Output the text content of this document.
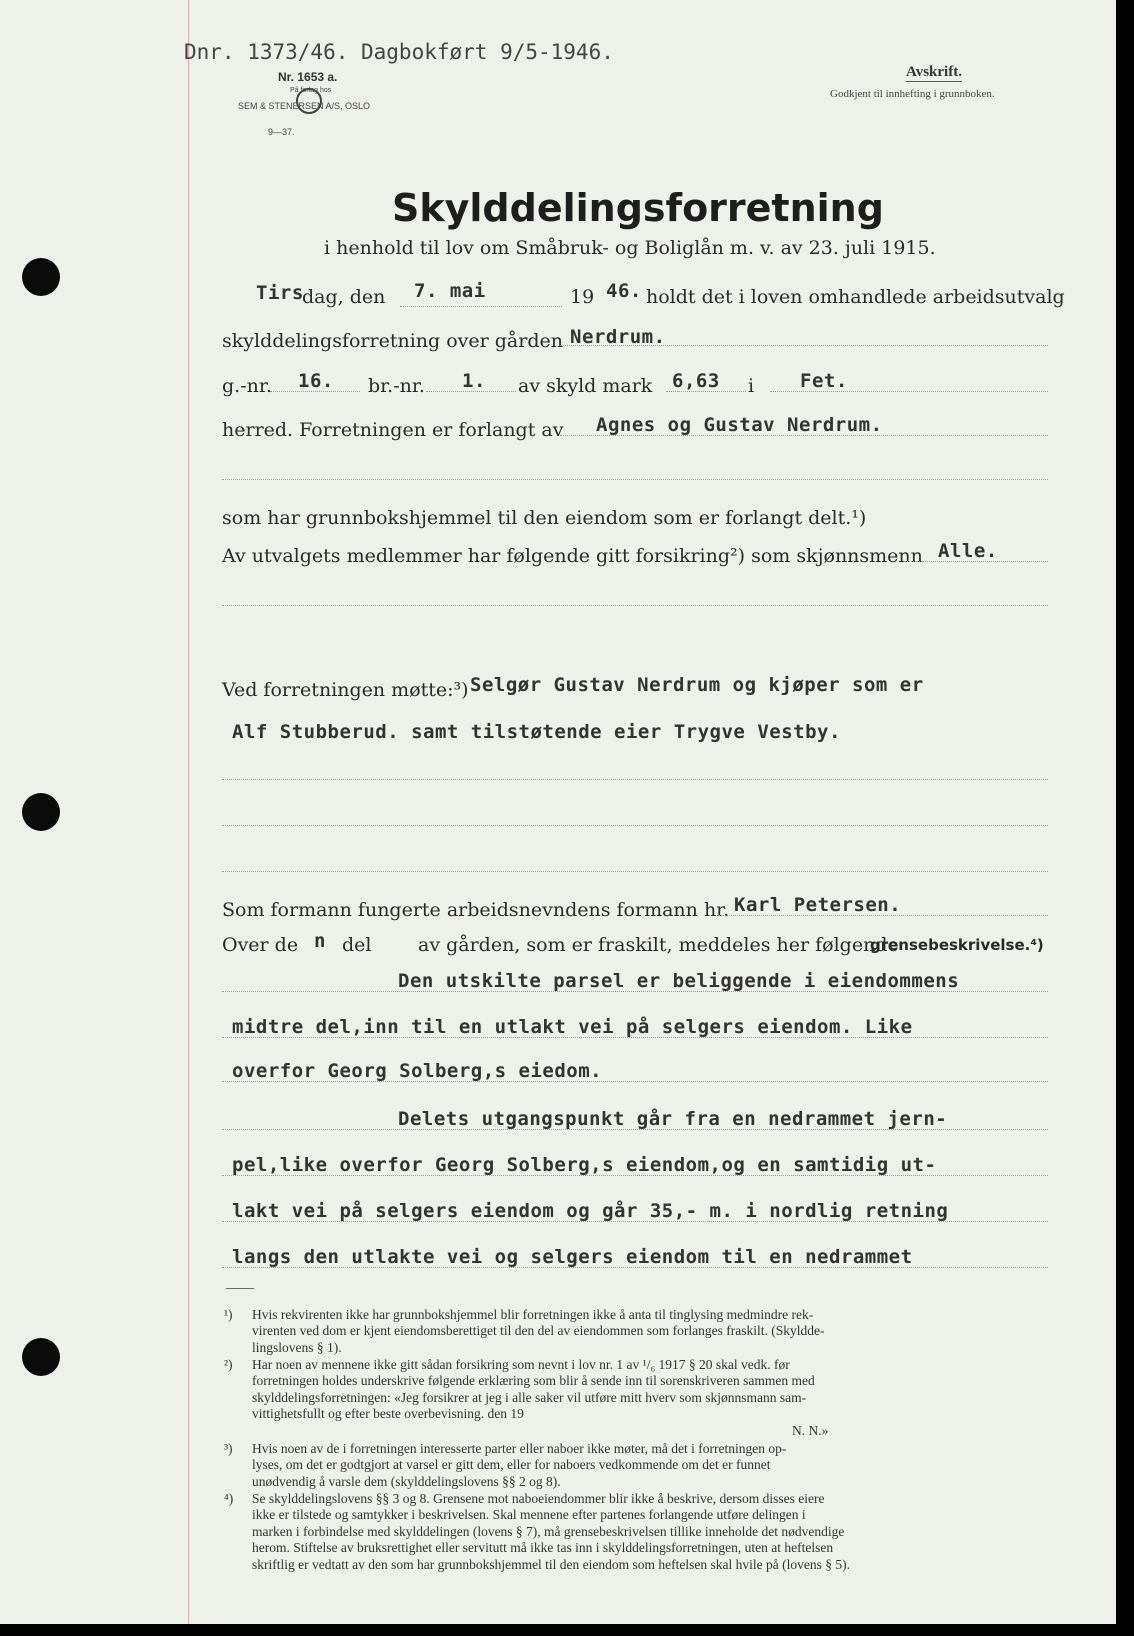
Dnr. 1373/46. Dagbokført 9/5-1946.
Nr. 1653 a.
På forlag hos
SEM & STENERSEN A/S, OSLO
9—37.
Avskrift.
Godkjent til innhefting i grunnboken.
Skylddelingsforretning
i henhold til lov om Småbruk- og Boliglån m. v. av 23. juli 1915.
Tirs
dag, den 7. mai	19 46. holdt det i loven omhandlede arbeidsutvalg
skylddelingsforretning over gården Nerdrum.
g.-nr. 16. br.-nr. 1. av skyld mark 6,63 i Fet.
herred. Forretningen er forlangt av Agnes og Gustav Nerdrum.
som har grunnbokshjemmel til den eiendom som er forlangt delt.¹)
Av utvalgets medlemmer har følgende gitt forsikring²) som skjønnsmenn Alle.
Ved forretningen møtte:³) Selgør Gustav Nerdrum og kjøper som er
Alf Stubberud. samt tilstøtende eier Trygve Vestby.
Som formann fungerte arbeidsnevndens formann hr. Karl Petersen.
Over de n del av gården, som er fraskilt, meddeles her følgende
grensebeskrivelse.⁴)
Den utskilte parsel er beliggende i eiendommens
midtre del,inn til en utlakt vei på selgers eiendom. Like
overfor Georg Solberg,s eiedom.
Delets utgangspunkt går fra en nedrammet jern-
pel,like overfor Georg Solberg,s eiendom,og en samtidig ut-
lakt vei på selgers eiendom og går 35,- m. i nordlig retning
langs den utlakte vei og selgers eiendom til en nedrammet
¹) Hvis rekvirenten ikke har grunnbokshjemmel blir forretningen ikke å anta til tinglysing medmindre rek-
virenten ved dom er kjent eiendomsberettiget til den del av eiendommen som forlanges fraskilt. (Skyldde-
lingslovens § 1).
²) Har noen av mennene ikke gitt sådan forsikring som nevnt i lov nr. 1 av ¹/₆ 1917 § 20 skal vedk. før
forretningen holdes underskrive følgende erklæring som blir å sende inn til sorenskriveren sammen med
skylddelingsforretningen: «Jeg forsikrer at jeg i alle saker vil utføre mitt hverv som skjønnsmann sam-
vittighetsfullt og efter beste overbevisning. den 19
N. N.»
³) Hvis noen av de i forretningen interesserte parter eller naboer ikke møter, må det i forretningen op-
lyses, om det er godtgjort at varsel er gitt dem, eller for naboers vedkommende om det er funnet
unødvendig å varsle dem (skylddelingslovens §§ 2 og 8).
⁴) Se skylddelingslovens §§ 3 og 8. Grensene mot naboeiendommer blir ikke å beskrive, dersom disses eiere
ikke er tilstede og samtykker i beskrivelsen. Skal mennene efter partenes forlangende utføre delingen i
marken i forbindelse med skylddelingen (lovens § 7), må grensebeskrivelsen tillike inneholde det nødvendige
herom. Stiftelse av bruksrettighet eller servitutt må ikke tas inn i skylddelingsforretningen, uten at heftelsen
skriftlig er vedtatt av den som har grunnbokshjemmel til den eiendom som heftelsen skal hvile på (lovens § 5).
